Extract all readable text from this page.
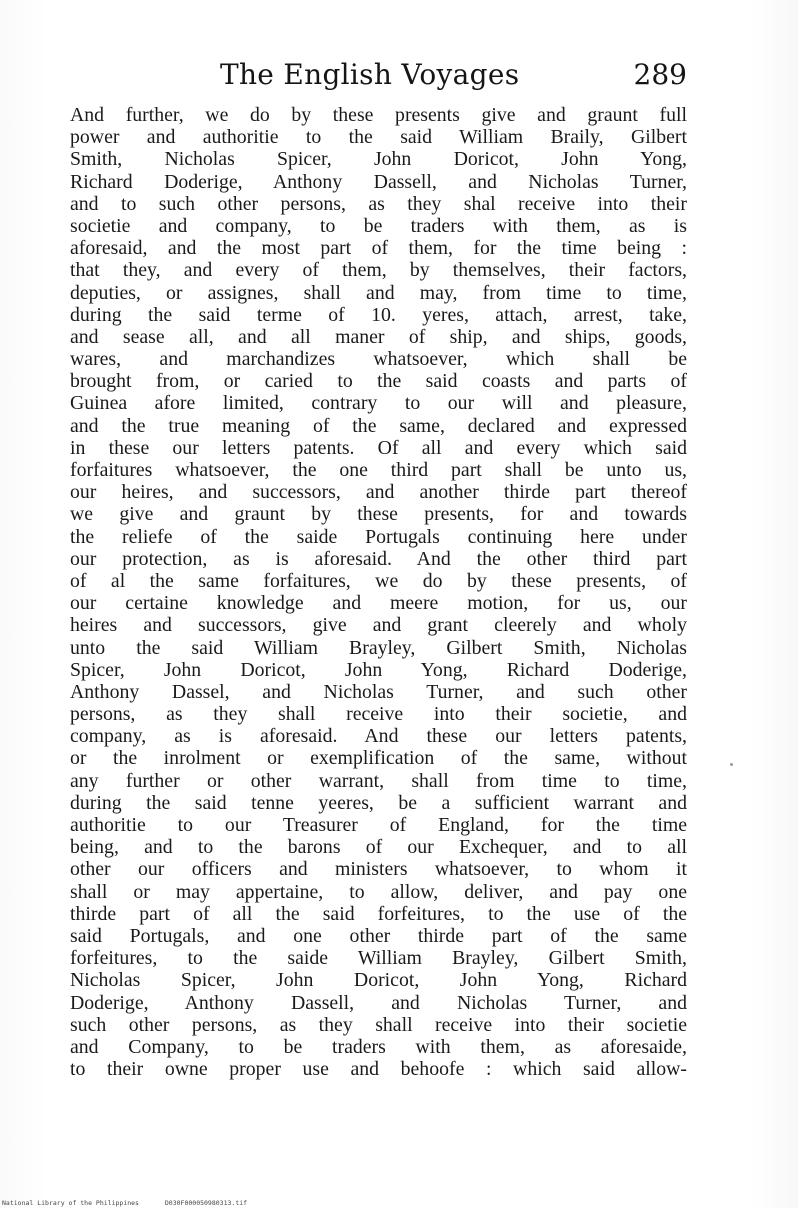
The English Voyages	289
And further, we do by these presents give and graunt full
power and authoritie to the said William Braily, Gilbert
Smith, Nicholas Spicer, John Doricot, John Yong,
Richard Doderige, Anthony Dassell, and Nicholas Turner,
and to such other persons, as they shal receive into their
societie and company, to be traders with them, as is
aforesaid, and the most part of them, for the time being :
that they, and every of them, by themselves, their factors,
deputies, or assignes, shall and may, from time to time,
during the said terme of 10. yeres, attach, arrest, take,
and sease all, and all maner of ship, and ships, goods,
wares, and marchandizes whatsoever, which shall be
brought from, or caried to the said coasts and parts of
Guinea afore limited, contrary to our will and pleasure,
and the true meaning of the same, declared and expressed
in these our letters patents. Of all and every which said
forfaitures whatsoever, the one third part shall be unto us,
our heires, and successors, and another thirde part thereof
we give and graunt by these presents, for and towards
the reliefe of the saide Portugals continuing here under
our protection, as is aforesaid. And the other third part
of al the same forfaitures, we do by these presents, of
our certaine knowledge and meere motion, for us, our
heires and successors, give and grant cleerely and wholy
unto the said William Brayley, Gilbert Smith, Nicholas
Spicer, John Doricot, John Yong, Richard Doderige,
Anthony Dassel, and Nicholas Turner, and such other
persons, as they shall receive into their societie, and
company, as is aforesaid. And these our letters patents,
or the inrolment or exemplification of the same, without
any further or other warrant, shall from time to time,
during the said tenne yeeres, be a sufficient warrant and
authoritie to our Treasurer of England, for the time
being, and to the barons of our Exchequer, and to all
other our officers and ministers whatsoever, to whom it
shall or may appertaine, to allow, deliver, and pay one
thirde part of all the said forfeitures, to the use of the
said Portugals, and one other thirde part of the same
forfeitures, to the saide William Brayley, Gilbert Smith,
Nicholas Spicer, John Doricot, John Yong, Richard
Doderige, Anthony Dassell, and Nicholas Turner, and
such other persons, as they shall receive into their societie
and Company, to be traders with them, as aforesaide,
to their owne proper use and behoofe : which said allow-
National Library of the Philippines	D030F000050980313.tif
